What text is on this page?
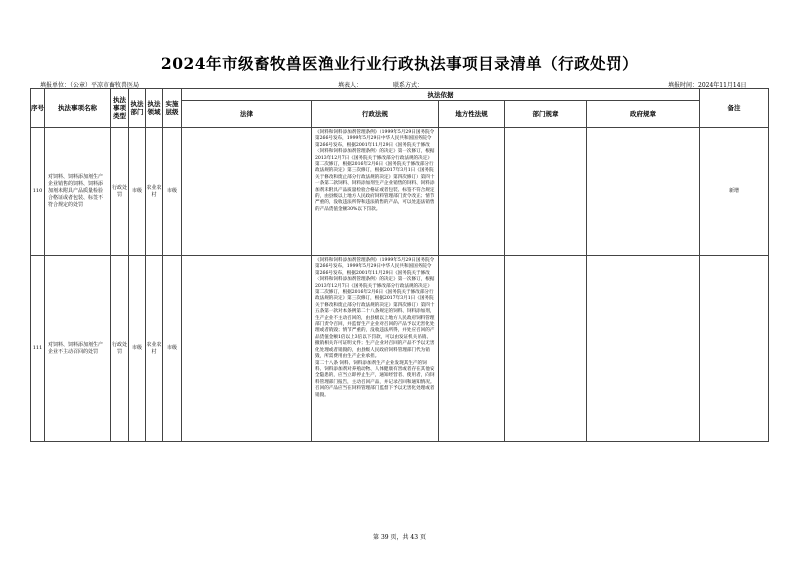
2024年市级畜牧兽医渔业行业行政执法事项目录清单（行政处罚）
填报单位：（公章）平凉市畜牧兽医局	填表人：	联系方式：	填报时间：2024年11月14日
序号	执法事项名称	执法事项类型	执法部门	执法领域	实施层级	执法依据					备注
						法律	行政法规	地方性法规	部门规章	政府规章	
110	对饲料、饲料添加剂生产企业销售的饲料、饲料添加剂未附具产品质量检验合格证或者包装、标签不符合规定的处罚	行政处罚	市级	农业农村	市级		《饲料和饲料添加剂管理条例》（1999年5月29日国务院令第266号发布，1999年5月29日中华人民共和国国务院令第266号发布，根据2001年11月29日《国务院关于修改〈饲料和饲料添加剂管理条例〉的决定》第一次修订，根据2013年12月7日《国务院关于修改部分行政法规的决定》第二次修订，根据2016年2月6日《国务院关于修改部分行政法规的决定》第三次修订，根据2017年3月1日《国务院关于修改和废止部分行政法规的决定》第四次修订）第四十一条第二款饲料、饲料添加剂生产企业销售的饲料、饲料添加剂未附具产品质量检验合格证或者包装、标签不符合规定的，由县级以上地方人民政府饲料管理部门责令改正；情节严重的，没收违法所得和违法销售的产品，可以处违法销售的产品货值金额30%以下罚款。				新增
111	对饲料、饲料添加剂生产企业不主动召回的处罚	行政处罚	市级	农业农村	市级		《饲料和饲料添加剂管理条例》（1999年5月29日国务院令第266号发布，1999年5月29日中华人民共和国国务院令第266号发布，根据2001年11月29日《国务院关于修改〈饲料和饲料添加剂管理条例〉的决定》第一次修订，根据2013年12月7日《国务院关于修改部分行政法规的决定》第二次修订，根据2016年2月6日《国务院关于修改部分行政法规的决定》第三次修订，根据2017年3月1日《国务院关于修改和废止部分行政法规的决定》第四次修订）第四十五条第一款对本条例第二十八条规定的饲料、饲料添加剂，生产企业不主动召回的，由县级以上地方人民政府饲料管理部门责令召回，并监督生产企业对召回的产品予以无害化处理或者销毁；情节严重的，没收违法所得，并处应召回的产品货值金额1倍以上3倍以下罚款，可以由发证机关吊销、撤销相关许可证明文件；生产企业对召回的产品不予以无害化处理或者销毁的，由县级人民政府饲料管理部门代为销毁，所需费用由生产企业承担。
第二十八条 饲料、饲料添加剂生产企业发现其生产的饲料、饲料添加剂对养殖动物、人体健康有害或者存在其他安全隐患的，应当立即停止生产，通知经营者、使用者，向饲料管理部门报告，主动召回产品，并记录召回和通知情况。召回的产品应当在饲料管理部门监督下予以无害化处理或者销毁。				
第 39 页，共 43 页
